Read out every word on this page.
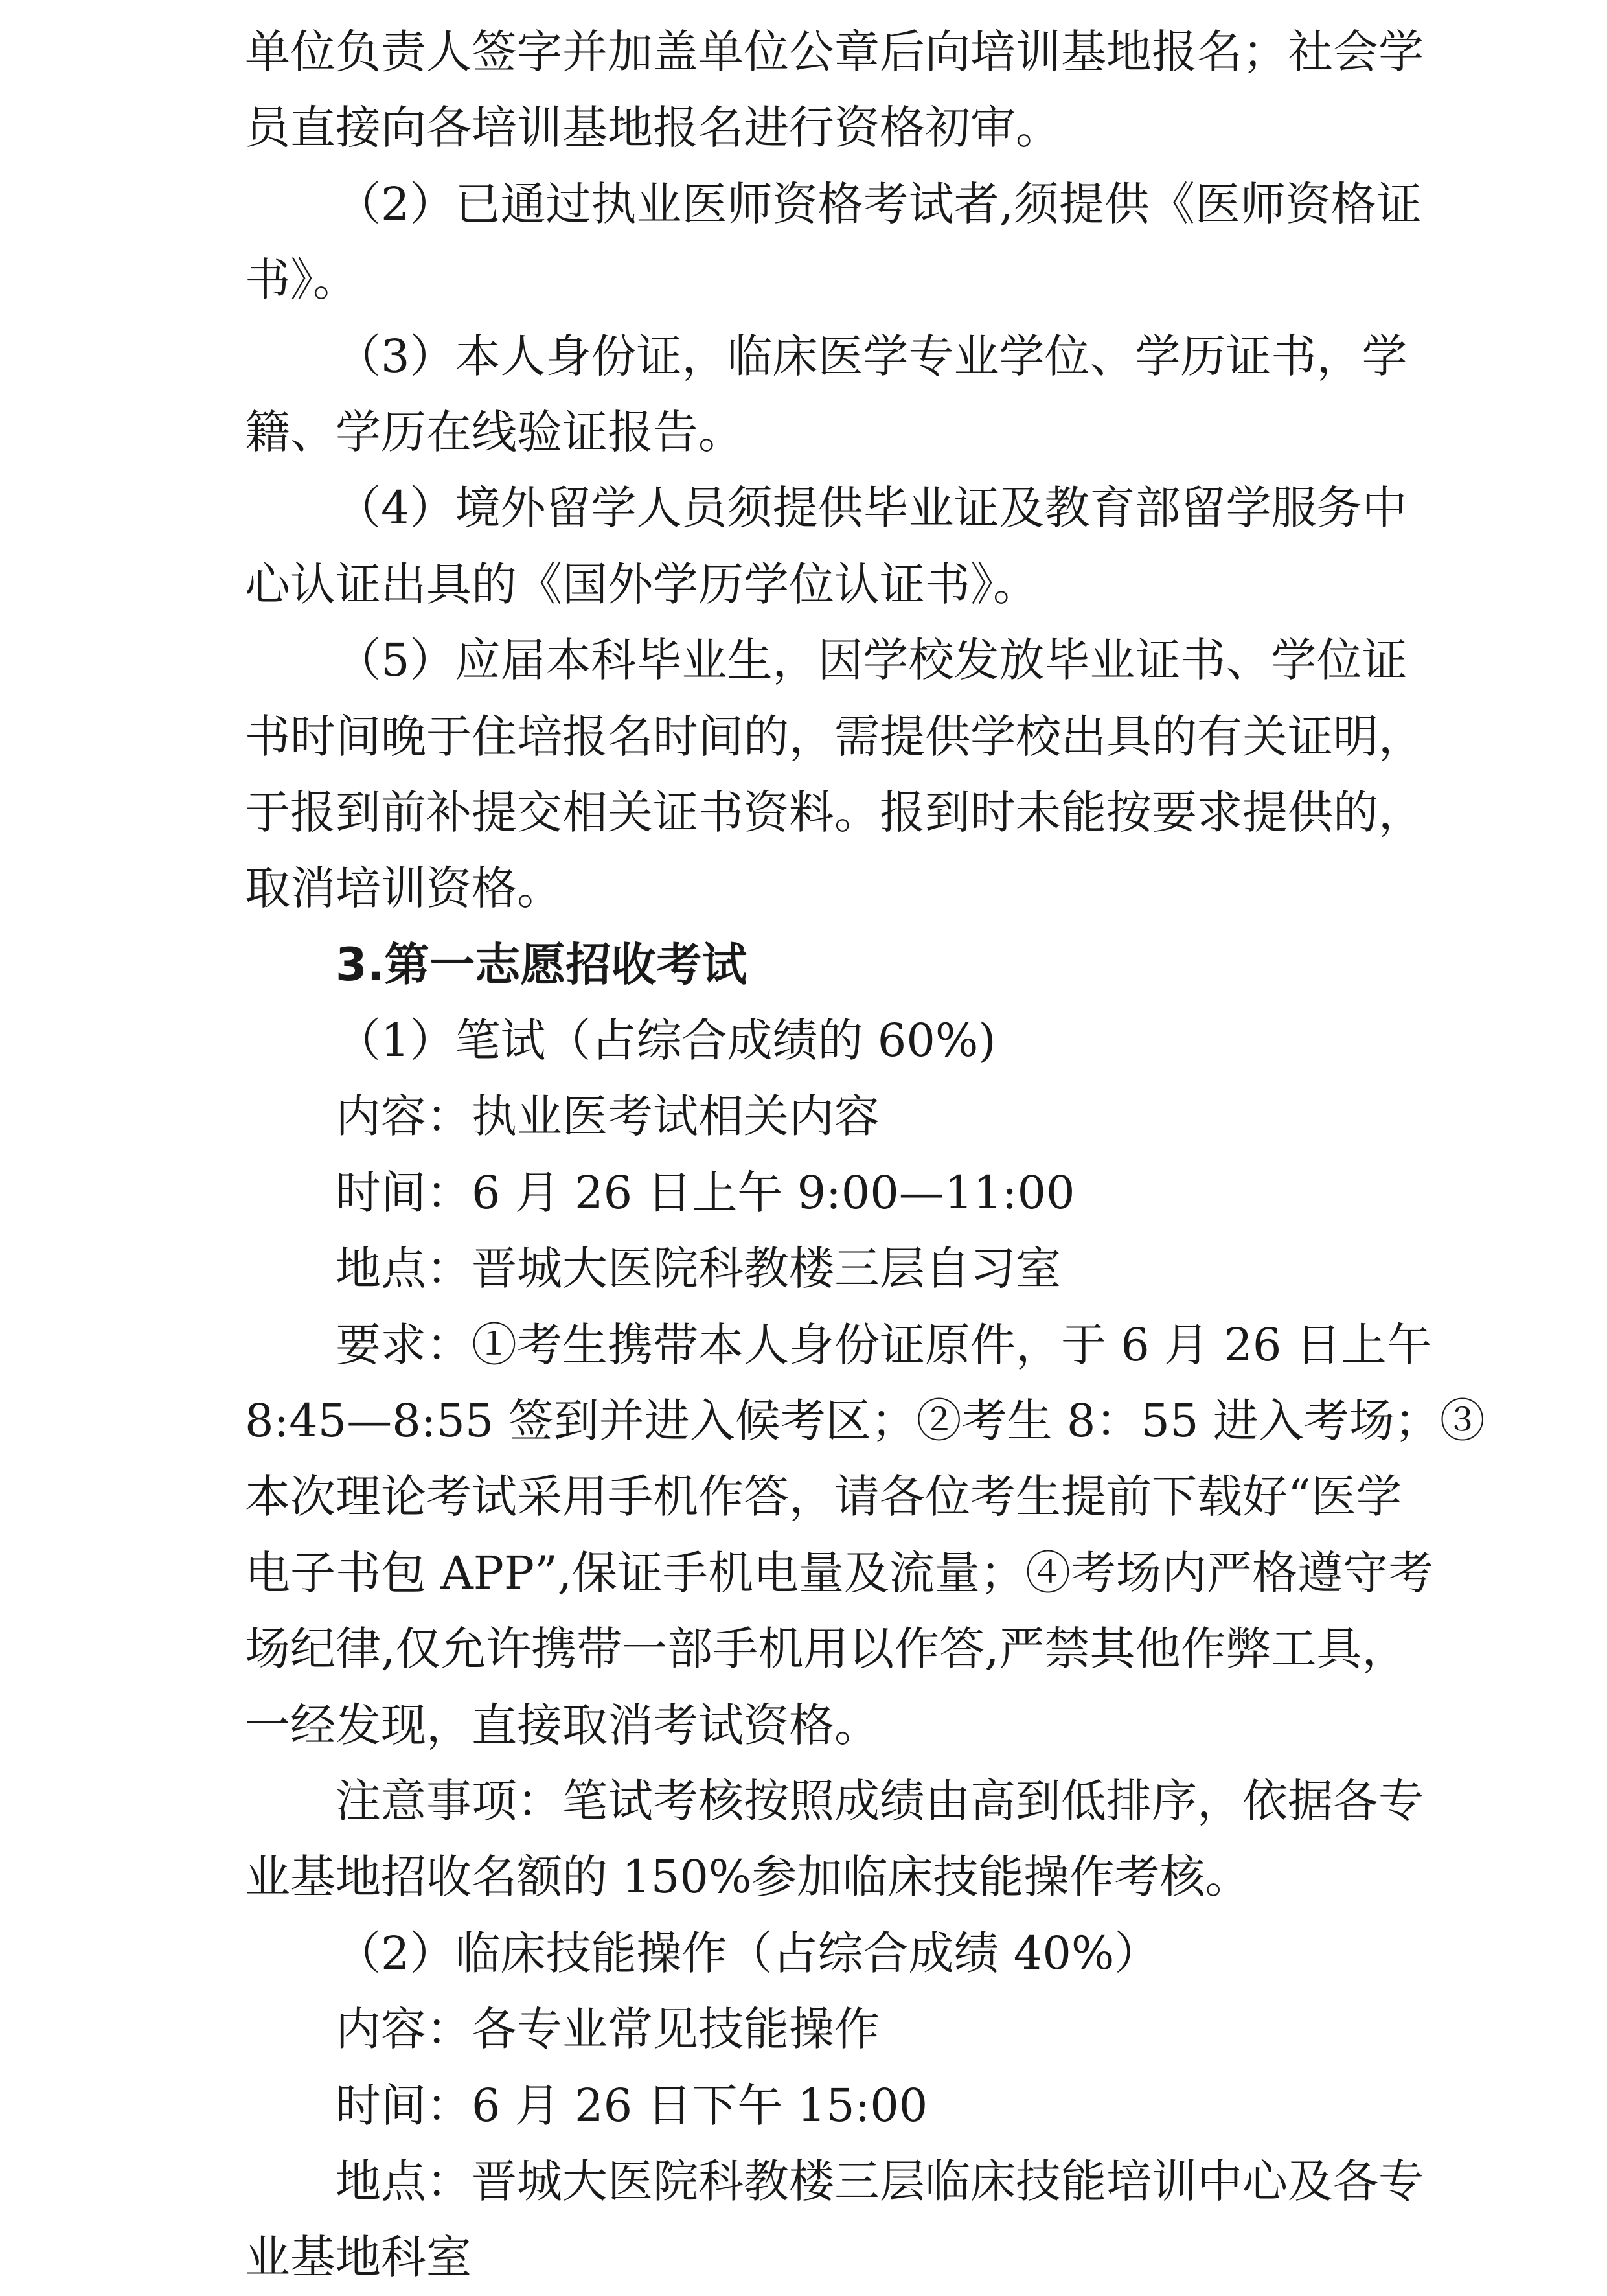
单位负责人签字并加盖单位公章后向培训基地报名；社会学
员直接向各培训基地报名进行资格初审。
（2）已通过执业医师资格考试者,须提供《医师资格证
书》。
（3）本人身份证，临床医学专业学位、学历证书，学
籍、学历在线验证报告。
（4）境外留学人员须提供毕业证及教育部留学服务中
心认证出具的《国外学历学位认证书》。
（5）应届本科毕业生，因学校发放毕业证书、学位证
书时间晚于住培报名时间的，需提供学校出具的有关证明，
于报到前补提交相关证书资料。报到时未能按要求提供的，
取消培训资格。
3.第一志愿招收考试
（1）笔试（占综合成绩的 60%)
内容：执业医考试相关内容
时间：6 月 26 日上午 9:00—11:00
地点：晋城大医院科教楼三层自习室
要求：①考生携带本人身份证原件，于 6 月 26 日上午
8:45—8:55 签到并进入候考区；②考生 8：55 进入考场；③
本次理论考试采用手机作答，请各位考生提前下载好“医学
电子书包 APP”,保证手机电量及流量；④考场内严格遵守考
场纪律,仅允许携带一部手机用以作答,严禁其他作弊工具，
一经发现，直接取消考试资格。
注意事项：笔试考核按照成绩由高到低排序，依据各专
业基地招收名额的 150%参加临床技能操作考核。
（2）临床技能操作（占综合成绩 40%）
内容：各专业常见技能操作
时间：6 月 26 日下午 15:00
地点：晋城大医院科教楼三层临床技能培训中心及各专
业基地科室
